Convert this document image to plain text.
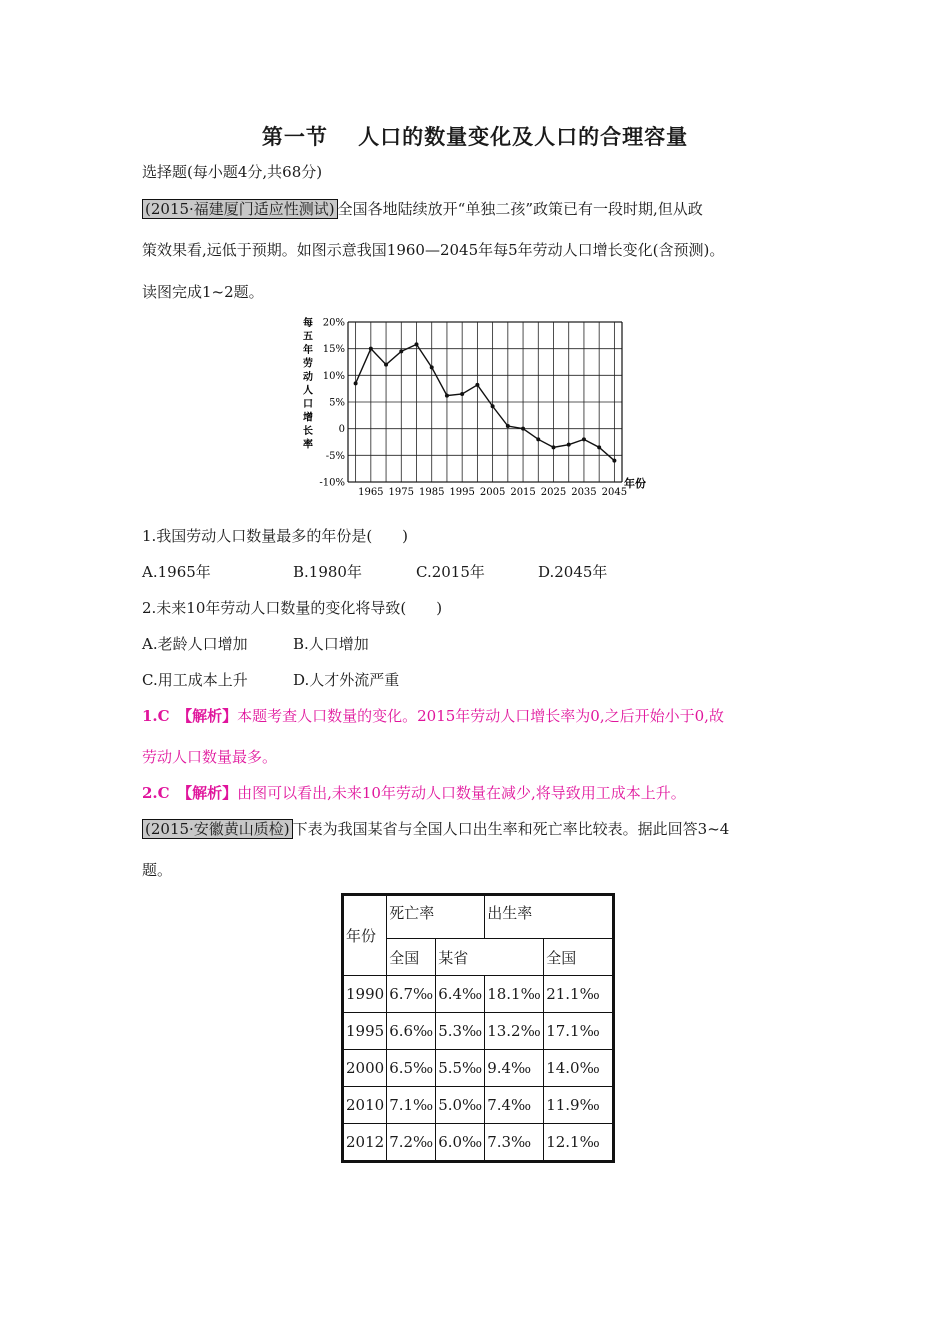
第一节　 人口的数量变化及人口的合理容量
选择题(每小题4分,共68分)
(2015·福建厦门适应性测试) 全国各地陆续放开“单独二孩”政策已有一段时期,但从政
策效果看,远低于预期。如图示意我国1960—2045年每5年劳动人口增长变化(含预测)。
读图完成1~2题。
每五年劳动人口增长率
20%
15%
10%
5%
0
-5%
-10%
1965 1975 1985 1995 2005 2015 2025 2035 2045
年份
1.我国劳动人口数量最多的年份是(　　)
A.1965年	B.1980年	C.2015年	D.2045年
2.未来10年劳动人口数量的变化将导致(　　)
A.老龄人口增加	B.人口增加
C.用工成本上升	D.人才外流严重
1.C　【解析】本题考查人口数量的变化。2015年劳动人口增长率为0,之后开始小于0,故
劳动人口数量最多。
2.C　【解析】由图可以看出,未来10年劳动人口数量在减少,将导致用工成本上升。
(2015·安徽黄山质检) 下表为我国某省与全国人口出生率和死亡率比较表。据此回答3~4
题。
年份	死亡率		出生率	
	全国	某省		全国
1990	6.7‰	6.4‰	18.1‰	21.1‰
1995	6.6‰	5.3‰	13.2‰	17.1‰
2000	6.5‰	5.5‰	9.4‰	14.0‰
2010	7.1‰	5.0‰	7.4‰	11.9‰
2012	7.2‰	6.0‰	7.3‰	12.1‰
